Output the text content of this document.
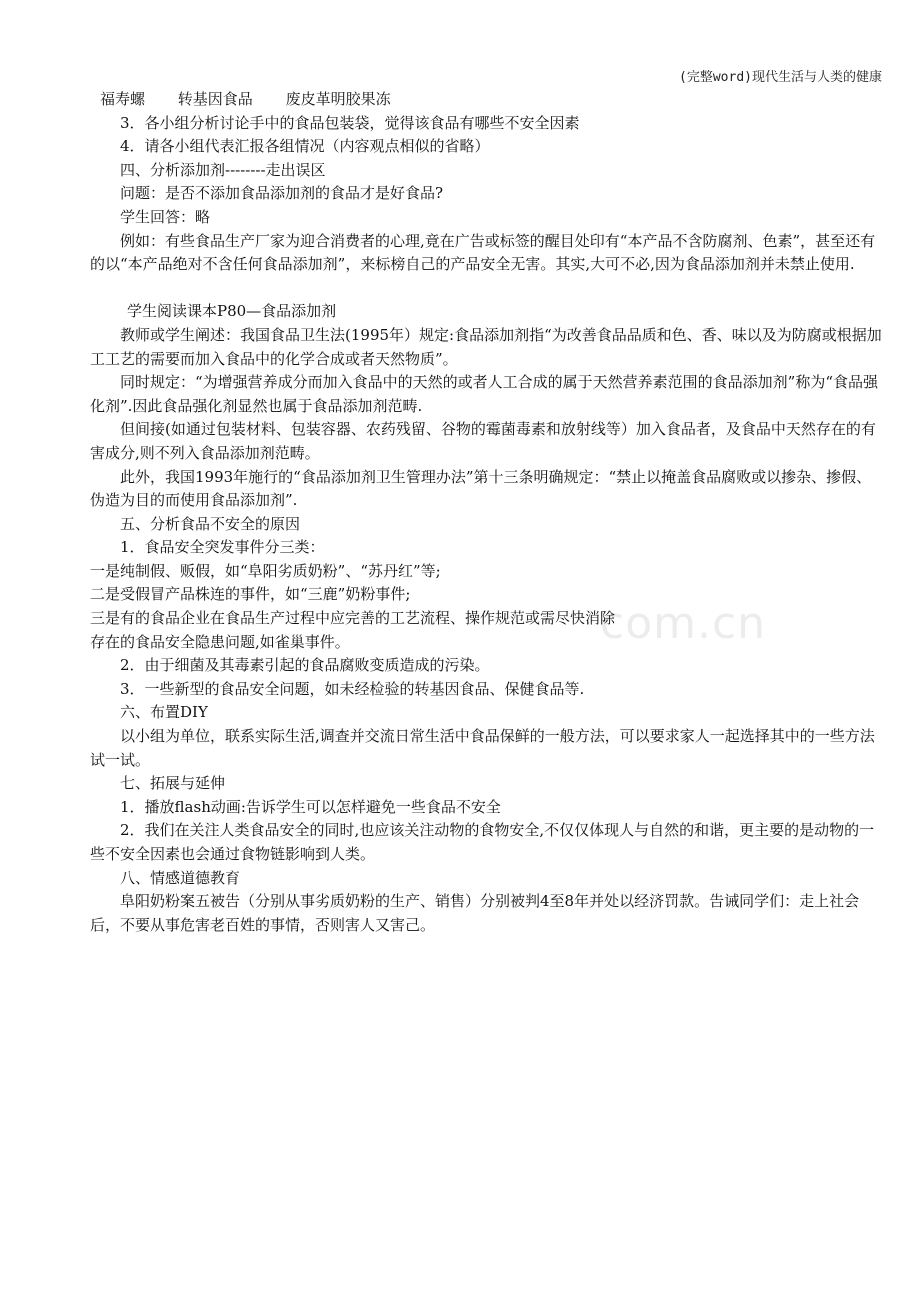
(完整word)现代生活与人类的健康
com.cn
福寿螺 转基因食品 废皮革明胶果冻
3．各小组分析讨论手中的食品包装袋，觉得该食品有哪些不安全因素
4．请各小组代表汇报各组情况（内容观点相似的省略）
四、分析添加剂--------走出误区
问题：是否不添加食品添加剂的食品才是好食品?
学生回答：略
例如：有些食品生产厂家为迎合消费者的心理,竟在广告或标签的醒目处印有“本产品不含防腐剂、色素”，甚至还有的以“本产品绝对不含任何食品添加剂”，来标榜自己的产品安全无害。其实,大可不必,因为食品添加剂并未禁止使用.
学生阅读课本P80—食品添加剂
教师或学生阐述：我国食品卫生法(1995年）规定:食品添加剂指“为改善食品品质和色、香、味以及为防腐或根据加工工艺的需要而加入食品中的化学合成或者天然物质”。
同时规定：“为增强营养成分而加入食品中的天然的或者人工合成的属于天然营养素范围的食品添加剂”称为“食品强化剂”.因此食品强化剂显然也属于食品添加剂范畴.
但间接(如通过包装材料、包装容器、农药残留、谷物的霉菌毒素和放射线等）加入食品者，及食品中天然存在的有害成分,则不列入食品添加剂范畴。
此外，我国1993年施行的“食品添加剂卫生管理办法”第十三条明确规定：“禁止以掩盖食品腐败或以掺杂、掺假、伪造为目的而使用食品添加剂”.
五、分析食品不安全的原因
1．食品安全突发事件分三类：
一是纯制假、贩假，如“阜阳劣质奶粉”、“苏丹红”等;
二是受假冒产品株连的事件，如“三鹿”奶粉事件;
三是有的食品企业在食品生产过程中应完善的工艺流程、操作规范或需尽快消除
存在的食品安全隐患问题,如雀巢事件。
2．由于细菌及其毒素引起的食品腐败变质造成的污染。
3．一些新型的食品安全问题，如未经检验的转基因食品、保健食品等.
六、布置DIY
以小组为单位，联系实际生活,调查并交流日常生活中食品保鲜的一般方法，可以要求家人一起选择其中的一些方法试一试。
七、拓展与延伸
1．播放flash动画:告诉学生可以怎样避免一些食品不安全
2．我们在关注人类食品安全的同时,也应该关注动物的食物安全,不仅仅体现人与自然的和谐，更主要的是动物的一些不安全因素也会通过食物链影响到人类。
八、情感道德教育
阜阳奶粉案五被告（分别从事劣质奶粉的生产、销售）分别被判4至8年并处以经济罚款。告诫同学们：走上社会后，不要从事危害老百姓的事情，否则害人又害己。
